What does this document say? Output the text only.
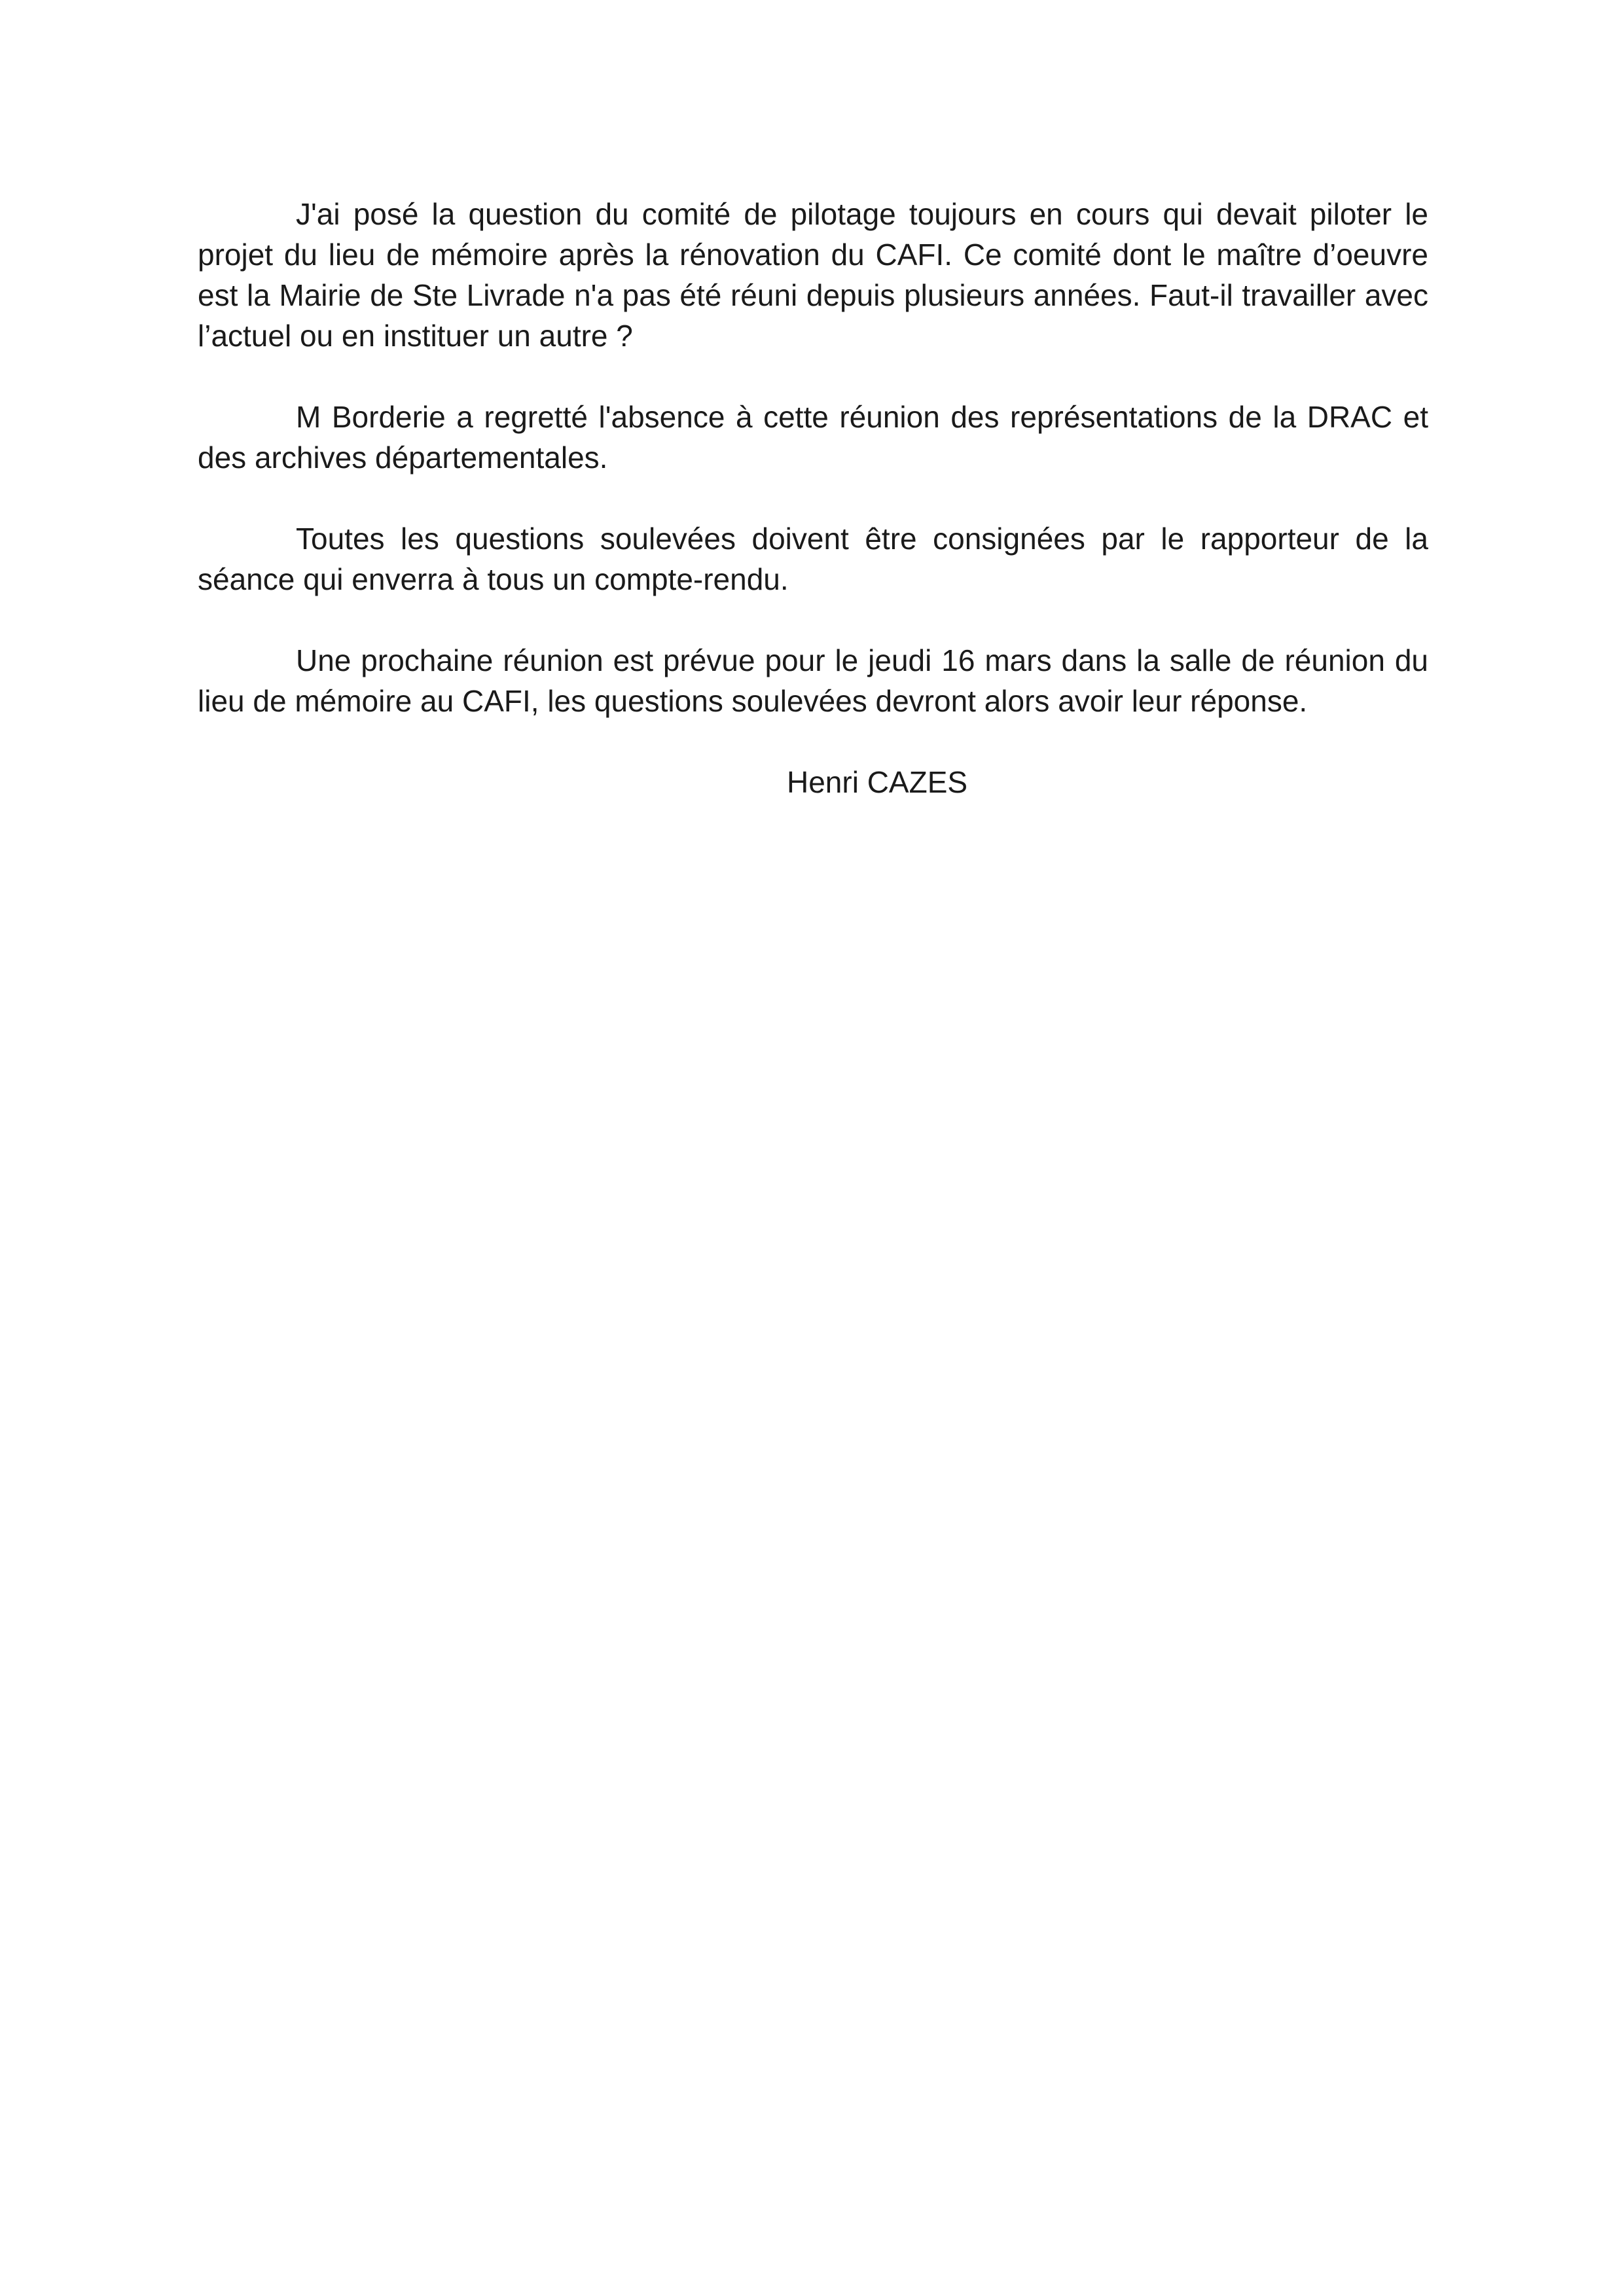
J'ai posé la question du comité de pilotage toujours en cours qui devait piloter le projet du lieu de mémoire après la rénovation du CAFI. Ce comité dont le maître d’oeuvre est la Mairie de Ste Livrade n'a pas été réuni depuis plusieurs années. Faut-il travailler avec l’actuel ou en instituer un autre ?

M Borderie a regretté l'absence à cette réunion des représentations de la DRAC et des archives départementales.

Toutes les questions soulevées doivent être consignées par le rapporteur de la séance qui enverra à tous un compte-rendu.

Une prochaine réunion est prévue pour le jeudi 16 mars dans la salle de réunion du lieu de mémoire au CAFI, les questions soulevées devront alors avoir leur réponse.

Henri CAZES
